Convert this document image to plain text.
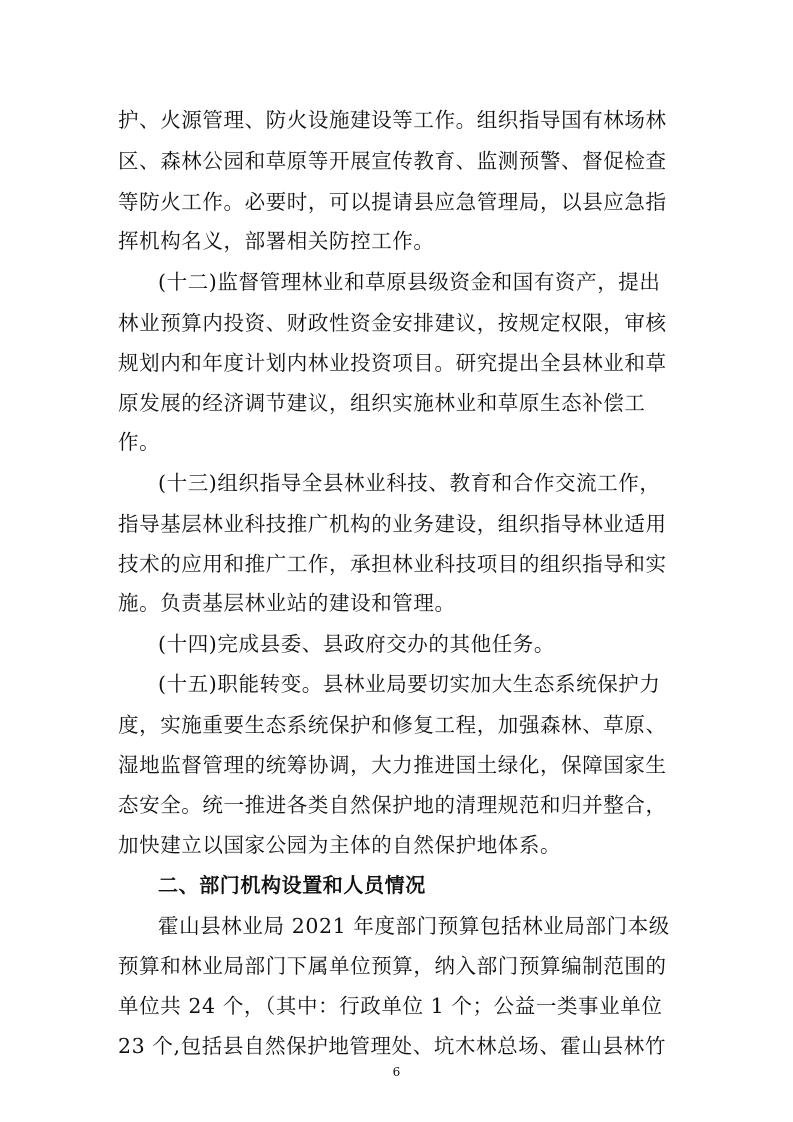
护、火源管理、防火设施建设等工作。组织指导国有林场林
区、森林公园和草原等开展宣传教育、监测预警、督促检查
等防火工作。必要时，可以提请县应急管理局，以县应急指
挥机构名义，部署相关防控工作。
(十二)监督管理林业和草原县级资金和国有资产，提出
林业预算内投资、财政性资金安排建议，按规定权限，审核
规划内和年度计划内林业投资项目。研究提出全县林业和草
原发展的经济调节建议，组织实施林业和草原生态补偿工
作。
(十三)组织指导全县林业科技、教育和合作交流工作，
指导基层林业科技推广机构的业务建设，组织指导林业适用
技术的应用和推广工作，承担林业科技项目的组织指导和实
施。负责基层林业站的建设和管理。
(十四)完成县委、县政府交办的其他任务。
(十五)职能转变。县林业局要切实加大生态系统保护力
度，实施重要生态系统保护和修复工程，加强森林、草原、
湿地监督管理的统筹协调，大力推进国土绿化，保障国家生
态安全。统一推进各类自然保护地的清理规范和归并整合，
加快建立以国家公园为主体的自然保护地体系。
二、部门机构设置和人员情况
霍山县林业局 2021 年度部门预算包括林业局部门本级
预算和林业局部门下属单位预算，纳入部门预算编制范围的
单位共 24 个，（其中：行政单位 1 个；公益一类事业单位
23 个,包括县自然保护地管理处、坑木林总场、霍山县林竹
6
